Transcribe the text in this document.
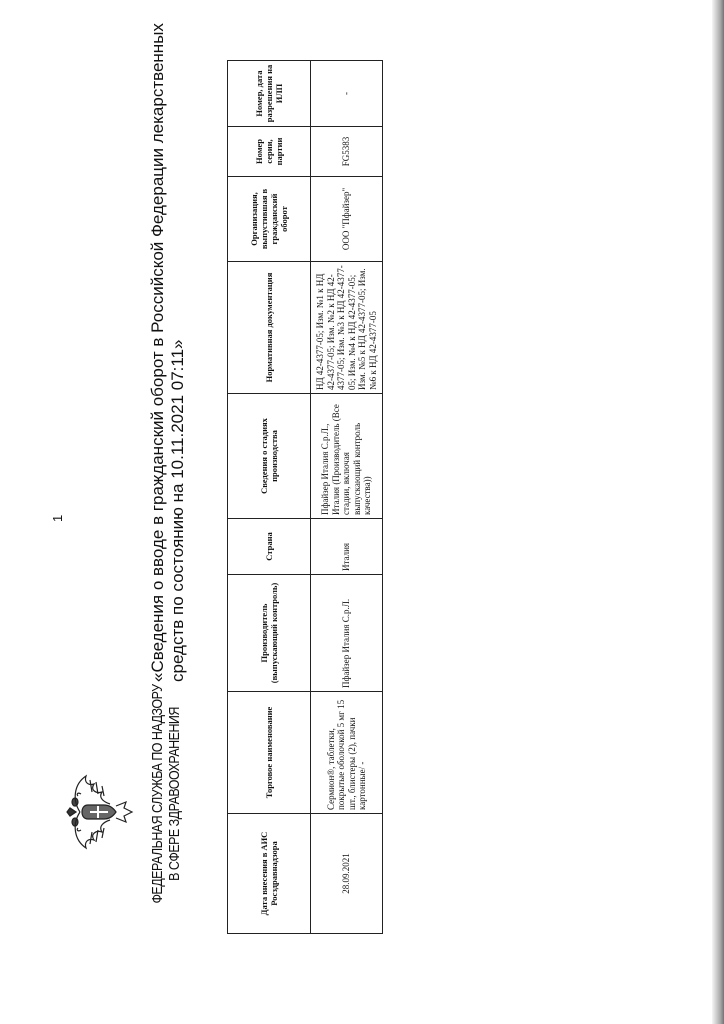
ФЕДЕРАЛЬНАЯ СЛУЖБА ПО НАДЗОРУ В СФЕРЕ ЗДРАВООХРАНЕНИЯ
«Сведения о вводе в гражданский оборот в Российской Федерации лекарственных средств по состоянию на 10.11.2021 07:11»
Дата внесения в АИС Росздравнадзора	Торговое наименование	Производитель (выпускающий контроль)	Страна	Сведения о стадиях производства	Нормативная документация	Организация, выпустившая в гражданский оборот	Номер серии, партии	Номер, дата разрешения на ИЛП
28.09.2021	Сермион®, таблетки, покрытые оболочкой 5 мг 15 шт., блистеры (2), пачки картонные/ -	Пфайзер Италия С.р.Л.	Италия	Пфайзер Италия С.р.Л., Италия (Производитель (Все стадии, включая выпускающий контроль качества))	НД 42-4377-05; Изм. №1 к НД 42-4377-05; Изм. №2 к НД 42-4377-05; Изм. №3 к НД 42-4377-05; Изм. №4 к НД 42-4377-05; Изм. №5 к НД 42-4377-05; Изм. №6 к НД 42-4377-05	ООО "Пфайзер"	FG5383	-
1
